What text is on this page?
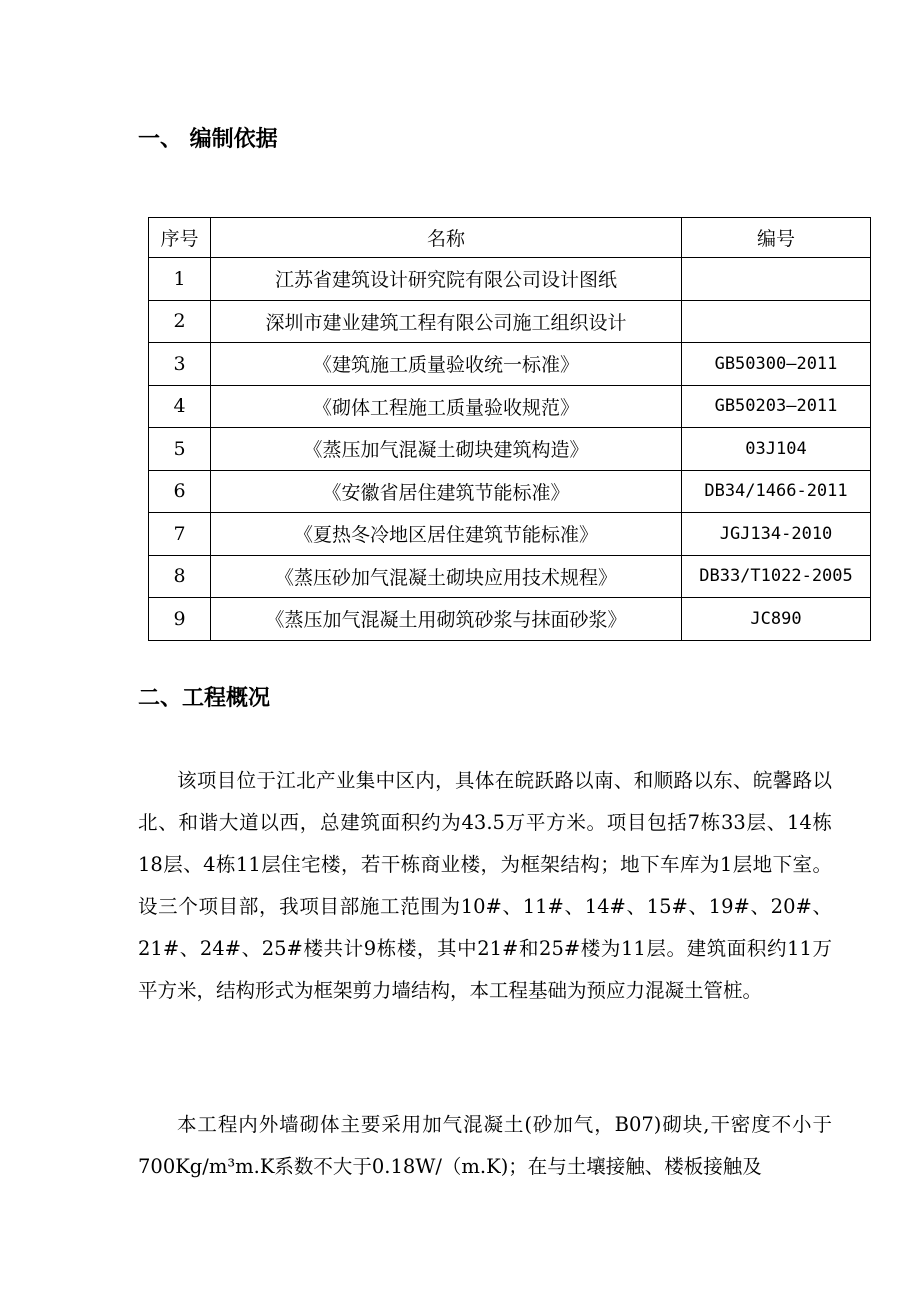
一、 编制依据
序号	名称	编号
1	江苏省建筑设计研究院有限公司设计图纸	
2	深圳市建业建筑工程有限公司施工组织设计	
3	《建筑施工质量验收统一标准》	GB50300—2011
4	《砌体工程施工质量验收规范》	GB50203—2011
5	《蒸压加气混凝土砌块建筑构造》	03J104
6	《安徽省居住建筑节能标准》	DB34/1466-2011
7	《夏热冬冷地区居住建筑节能标准》	JGJ134-2010
8	《蒸压砂加气混凝土砌块应用技术规程》	DB33/T1022-2005
9	《蒸压加气混凝土用砌筑砂浆与抹面砂浆》	JC890
二、工程概况

该项目位于江北产业集中区内，具体在皖跃路以南、和顺路以东、皖馨路以北、和谐大道以西，总建筑面积约为43.5万平方米。项目包括7栋33层、14栋18层、4栋11层住宅楼，若干栋商业楼，为框架结构；地下车库为1层地下室。设三个项目部，我项目部施工范围为10#、11#、14#、15#、19#、20#、21#、24#、25#楼共计9栋楼，其中21#和25#楼为11层。建筑面积约11万平方米，结构形式为框架剪力墙结构，本工程基础为预应力混凝土管桩。

本工程内外墙砌体主要采用加气混凝土(砂加气，B07)砌块,干密度不小于700Kg/m³m.K系数不大于0.18W/（m.K)；在与土壤接触、楼板接触及
